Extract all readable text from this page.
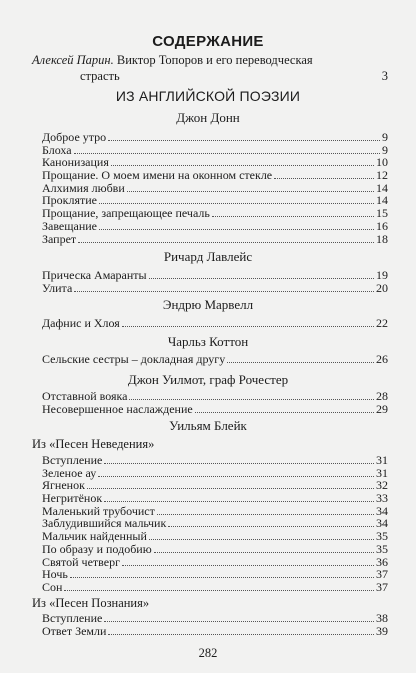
СОДЕРЖАНИЕ
Алексей Парин. Виктор Топоров и его переводческая
страсть	3
ИЗ АНГЛИЙСКОЙ ПОЭЗИИ
Джон Донн
Доброе утро	9
Блоха	9
Канонизация	10
Прощание. О моем имени на оконном стекле	12
Алхимия любви	14
Проклятие	14
Прощание, запрещающее печаль	15
Завещание	16
Запрет	18
Ричард Лавлейс
Прическа Амаранты	19
Улита	20
Эндрю Марвелл
Дафнис и Хлоя	22
Чарльз Коттон
Сельские сестры – докладная другу	26
Джон Уилмот, граф Рочестер
Отставной вояка	28
Несовершенное наслаждение	29
Уильям Блейк
Из «Песен Неведения»
Вступление	31
Зеленое ау	31
Ягненок	32
Негритёнок	33
Маленький трубочист	34
Заблудившийся мальчик	34
Мальчик найденный	35
По образу и подобию	35
Святой четверг	36
Ночь	37
Сон	37
Из «Песен Познания»
Вступление	38
Ответ Земли	39
282
